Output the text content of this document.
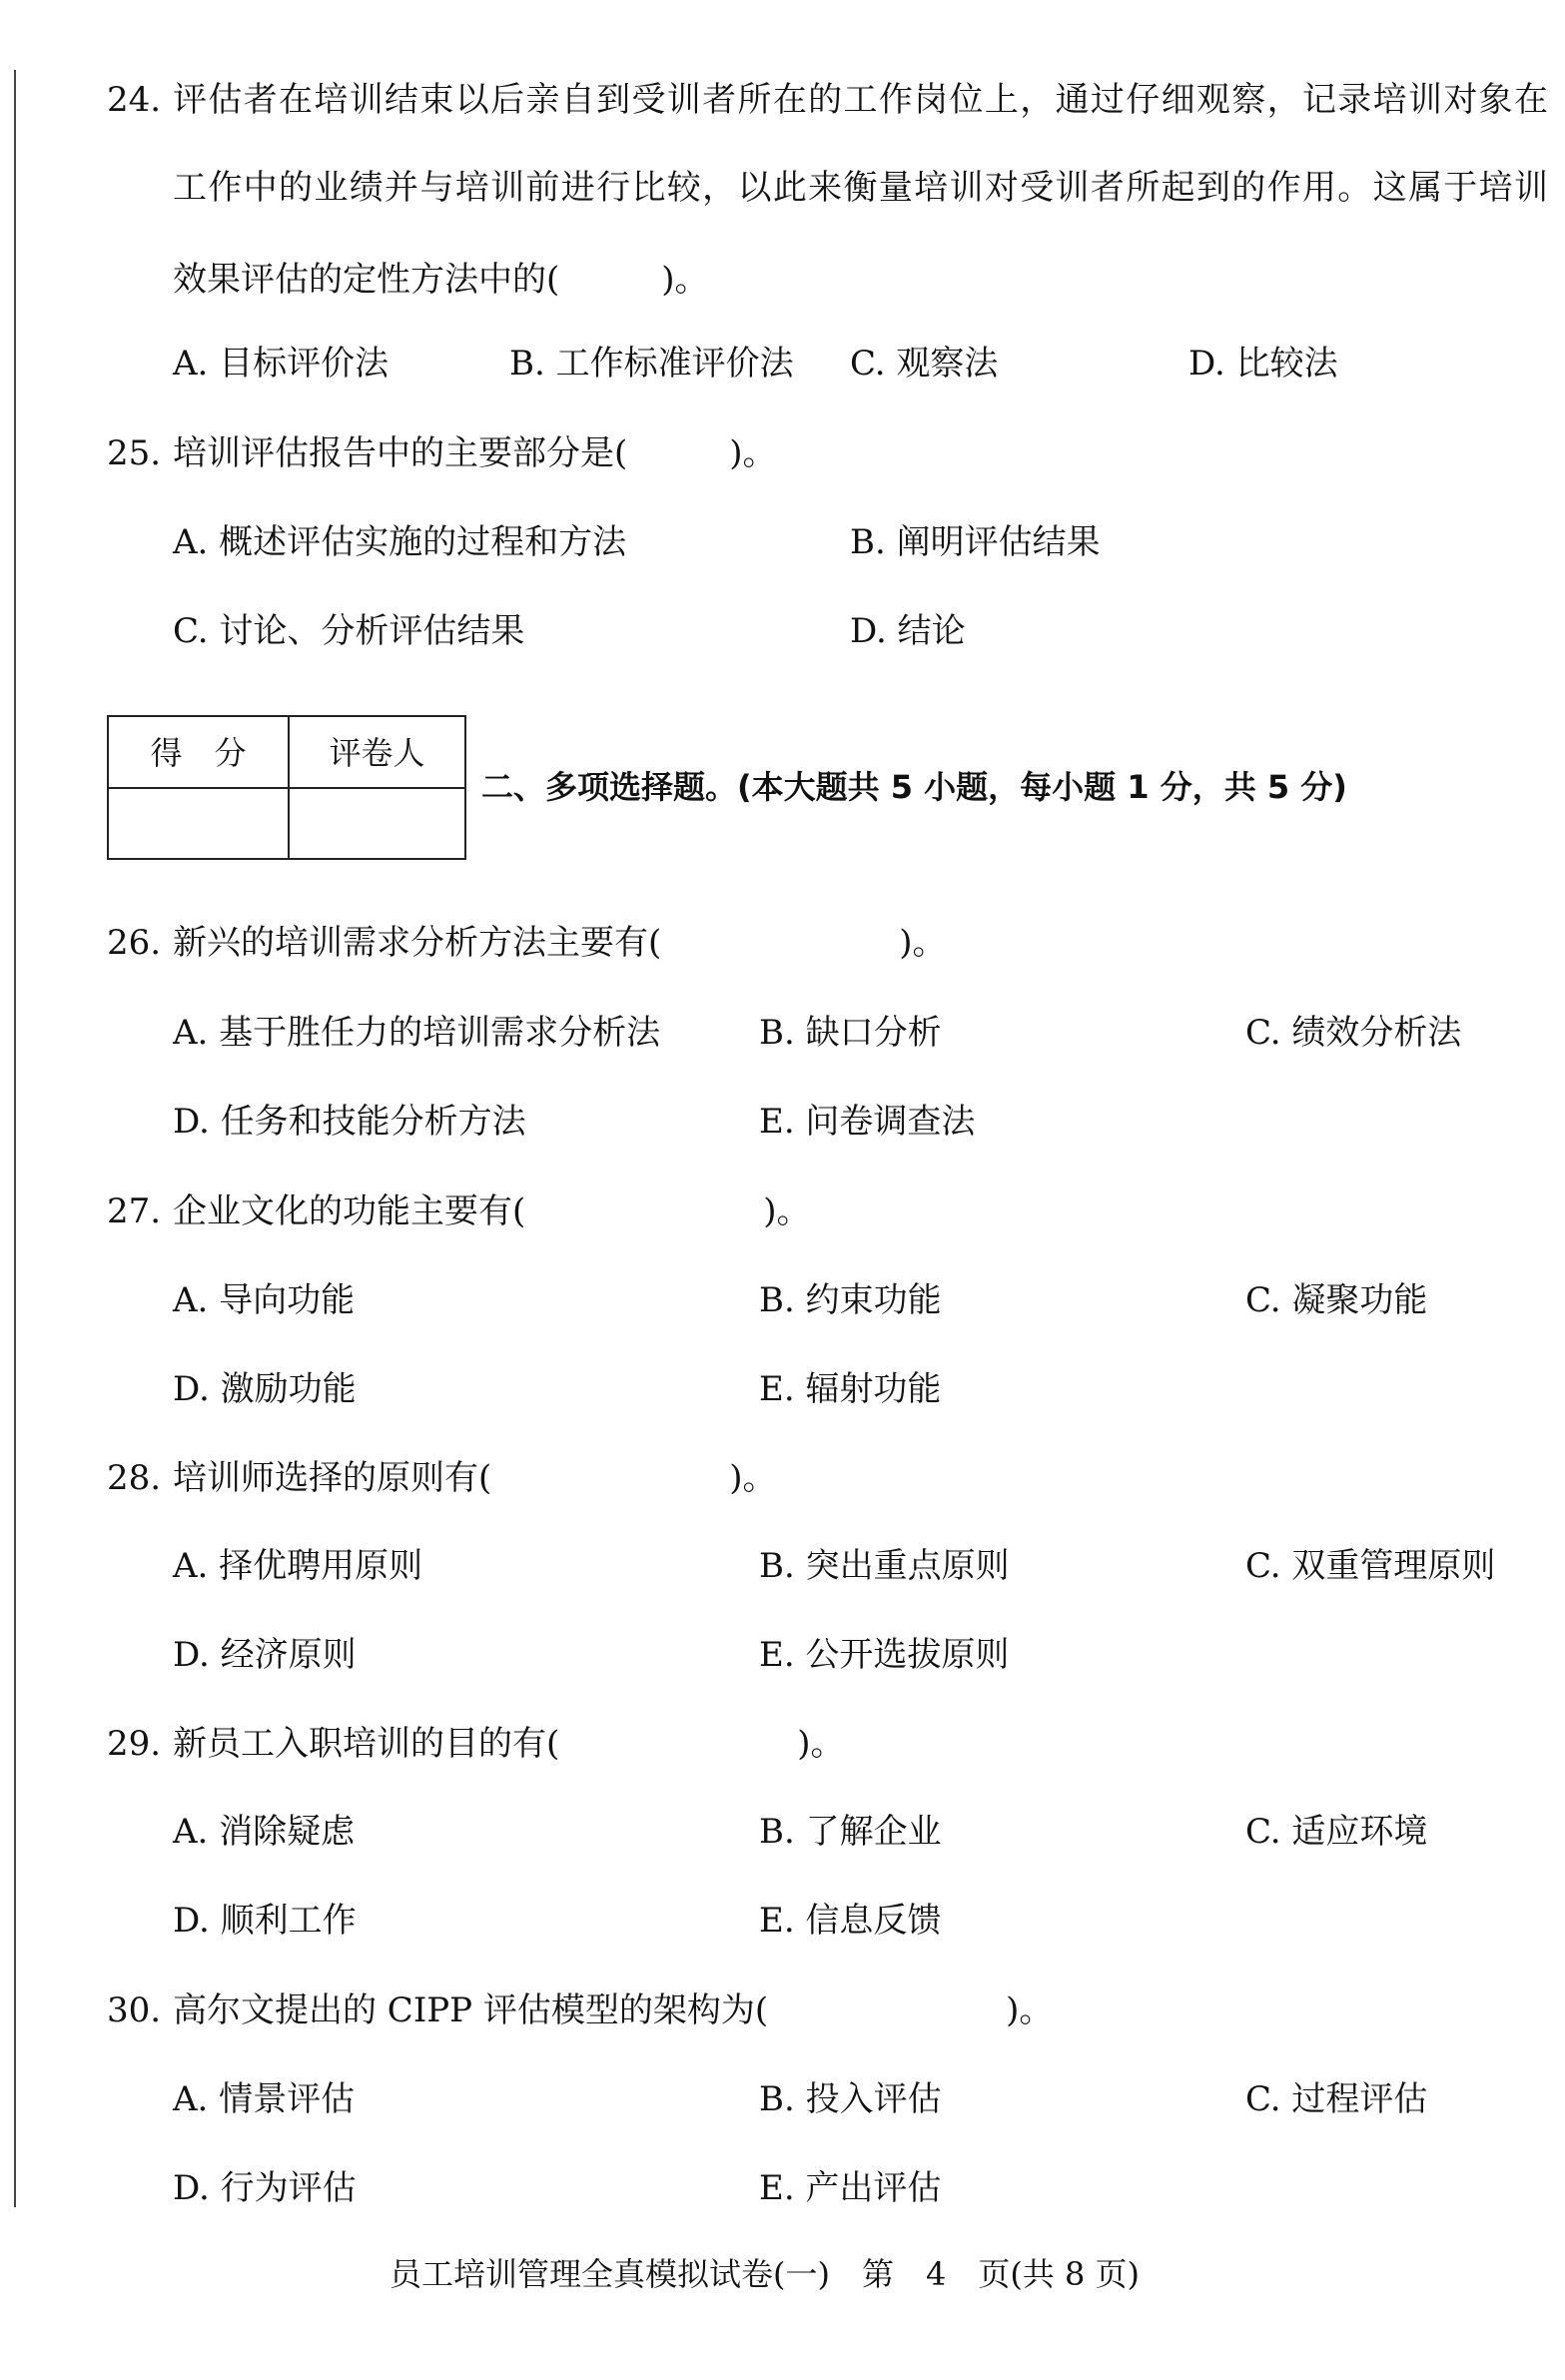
24. 评估者在培训结束以后亲自到受训者所在的工作岗位上，通过仔细观察，记录培训对象在
工作中的业绩并与培训前进行比较，以此来衡量培训对受训者所起到的作用。这属于培训
效果评估的定性方法中的(　　　)。
A. 目标评价法	B. 工作标准评价法 C. 观察法	D. 比较法
25. 培训评估报告中的主要部分是(　　　)。
A. 概述评估实施的过程和方法	B. 阐明评估结果
C. 讨论、分析评估结果	D. 结论
得　分	评卷人
二、多项选择题。(本大题共 5 小题，每小题 1 分，共 5 分)
26. 新兴的培训需求分析方法主要有(　　　　　　　)。
A. 基于胜任力的培训需求分析法	B. 缺口分析	C. 绩效分析法
D. 任务和技能分析方法	E. 问卷调查法
27. 企业文化的功能主要有(　　　　　　　)。
A. 导向功能	B. 约束功能	C. 凝聚功能
D. 激励功能	E. 辐射功能
28. 培训师选择的原则有(　　　　　　　)。
A. 择优聘用原则	B. 突出重点原则	C. 双重管理原则
D. 经济原则	E. 公开选拔原则
29. 新员工入职培训的目的有(　　　　　　　)。
A. 消除疑虑	B. 了解企业	C. 适应环境
D. 顺利工作	E. 信息反馈
30. 高尔文提出的 CIPP 评估模型的架构为(　　　　　　　)。
A. 情景评估	B. 投入评估	C. 过程评估
D. 行为评估	E. 产出评估
员工培训管理全真模拟试卷(一)　第　4　页(共 8 页)
